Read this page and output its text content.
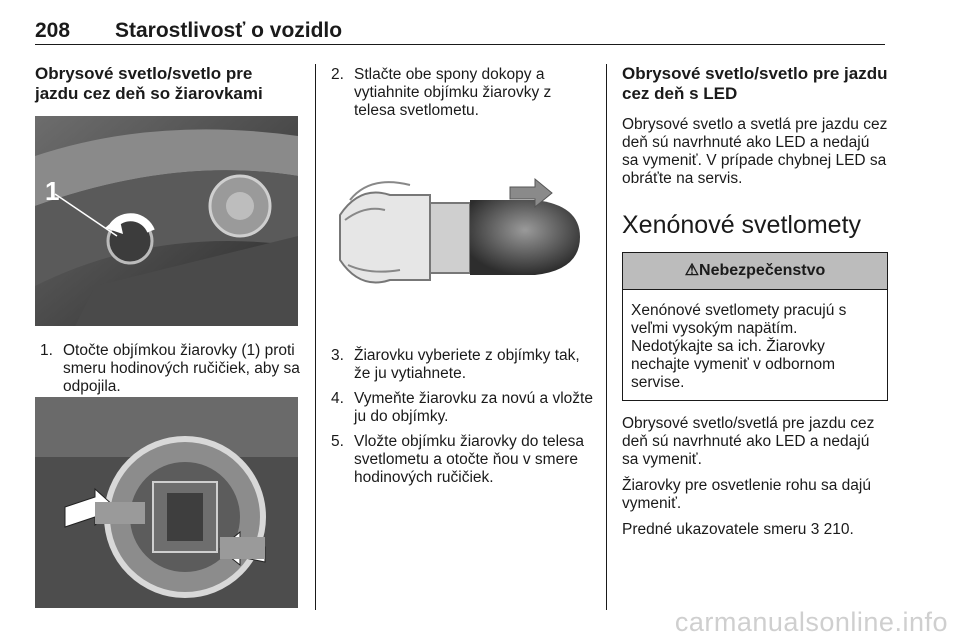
208 Starostlivosť o vozidlo
Obrysové svetlo/svetlo pre jazdu cez deň so žiarovkami
1
1. Otočte objímkou žiarovky (1) proti smeru hodinových ručičiek, aby sa odpojila.
2. Stlačte obe spony dokopy a vytiahnite objímku žiarovky z telesa svetlometu.
3. Žiarovku vyberiete z objímky tak, že ju vytiahnete.
4. Vymeňte žiarovku za novú a vložte ju do objímky.
5. Vložte objímku žiarovky do telesa svetlometu a otočte ňou v smere hodinových ručičiek.
Obrysové svetlo/svetlo pre jazdu cez deň s LED

Obrysové svetlo a svetlá pre jazdu cez deň sú navrhnuté ako LED a nedajú sa vymeniť. V prípade chybnej LED sa obráťte na servis.

Xenónové svetlomety
⚠Nebezpečenstvo
Xenónové svetlomety pracujú s veľmi vysokým napätím. Nedotýkajte sa ich. Žiarovky nechajte vymeniť v odbornom servise.

Obrysové svetlo/svetlá pre jazdu cez deň sú navrhnuté ako LED a nedajú sa vymeniť.

Žiarovky pre osvetlenie rohu sa dajú vymeniť.

Predné ukazovatele smeru 3 210.

carmanualsonline.info
